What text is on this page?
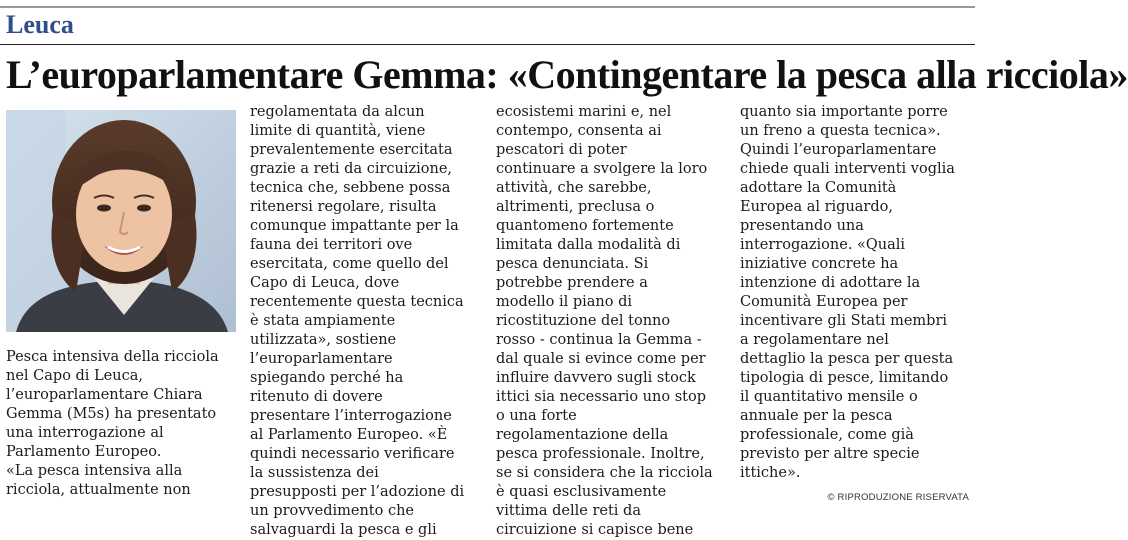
Leuca
L’europarlamentare Gemma: «Contingentare la pesca alla ricciola»
Pesca intensiva della ricciola
nel Capo di Leuca,
l’europarlamentare Chiara
Gemma (M5s) ha presentato
una interrogazione al
Parlamento Europeo.
«La pesca intensiva alla
ricciola, attualmente non
regolamentata da alcun
limite di quantità, viene
prevalentemente esercitata
grazie a reti da circuizione,
tecnica che, sebbene possa
ritenersi regolare, risulta
comunque impattante per la
fauna dei territori ove
esercitata, come quello del
Capo di Leuca, dove
recentemente questa tecnica
è stata ampiamente
utilizzata», sostiene
l’europarlamentare
spiegando perché ha
ritenuto di dovere
presentare l’interrogazione
al Parlamento Europeo. «È
quindi necessario verificare
la sussistenza dei
presupposti per l’adozione di
un provvedimento che
salvaguardi la pesca e gli
ecosistemi marini e, nel
contempo, consenta ai
pescatori di poter
continuare a svolgere la loro
attività, che sarebbe,
altrimenti, preclusa o
quantomeno fortemente
limitata dalla modalità di
pesca denunciata. Si
potrebbe prendere a
modello il piano di
ricostituzione del tonno
rosso - continua la Gemma -
dal quale si evince come per
influire davvero sugli stock
ittici sia necessario uno stop
o una forte
regolamentazione della
pesca professionale. Inoltre,
se si considera che la ricciola
è quasi esclusivamente
vittima delle reti da
circuizione si capisce bene
quanto sia importante porre
un freno a questa tecnica».
Quindi l’europarlamentare
chiede quali interventi voglia
adottare la Comunità
Europea al riguardo,
presentando una
interrogazione. «Quali
iniziative concrete ha
intenzione di adottare la
Comunità Europea per
incentivare gli Stati membri
a regolamentare nel
dettaglio la pesca per questa
tipologia di pesce, limitando
il quantitativo mensile o
annuale per la pesca
professionale, come già
previsto per altre specie
ittiche».
© RIPRODUZIONE RISERVATA
